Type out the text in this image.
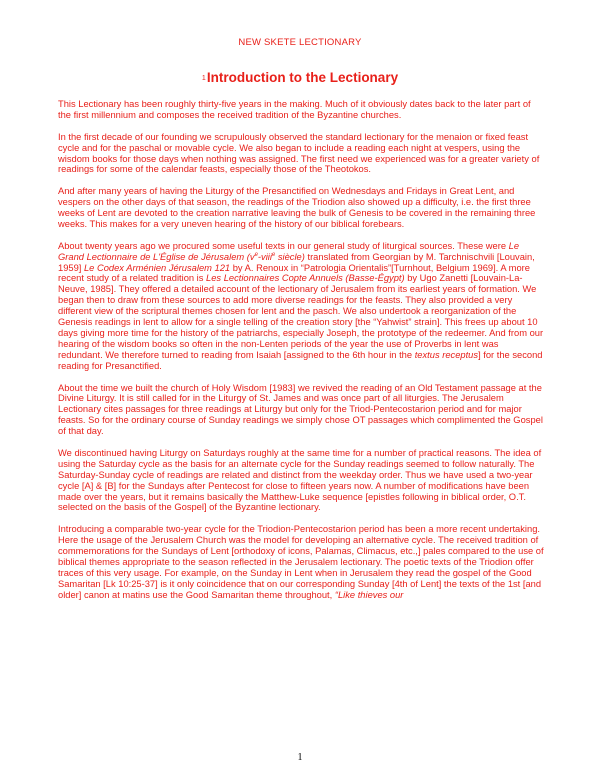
NEW SKETE LECTIONARY
$^1$Introduction to the Lectionary

This Lectionary has been roughly thirty-five years in the making. Much of it obviously dates back to the later part of the first millennium and composes the received tradition of the Byzantine churches.

In the first decade of our founding we scrupulously observed the standard lectionary for the menaion or fixed feast cycle and for the paschal or movable cycle. We also began to include a reading each night at vespers, using the wisdom books for those days when nothing was assigned. The first need we experienced was for a greater variety of readings for some of the calendar feasts, especially those of the Theotokos.

And after many years of having the Liturgy of the Presanctified on Wednesdays and Fridays in Great Lent, and vespers on the other days of that season, the readings of the Triodion also showed up a difficulty, i.e. the first three weeks of Lent are devoted to the creation narrative leaving the bulk of Genesis to be covered in the remaining three weeks. This makes for a very uneven hearing of the history of our biblical forebears.

About twenty years ago we procured some useful texts in our general study of liturgical sources. These were Le Grand Lectionnaire de L'Église de Jérusalem ($v^e-viii^e$ siècle) translated from Georgian by M. Tarchnischvili [Louvain, 1959] Le Codex Arménien Jérusalem 121 by A. Renoux in “Patrologia Orientalis”[Turnhout, Belgium 1969]. A more recent study of a related tradition is Les Lectionnaires Copte Annuels (Basse-Égypt) by Ugo Zanetti [Louvain-La-Neuve, 1985]. They offered a detailed account of the lectionary of Jerusalem from its earliest years of formation. We began then to draw from these sources to add more diverse readings for the feasts. They also provided a very different view of the scriptural themes chosen for lent and the pasch. We also undertook a reorganization of the Genesis readings in lent to allow for a single telling of the creation story [the “Yahwist” strain]. This frees up about 10 days giving more time for the history of the patriarchs, especially Joseph, the prototype of the redeemer. And from our hearing of the wisdom books so often in the non-Lenten periods of the year the use of Proverbs in lent was redundant. We therefore turned to reading from Isaiah [assigned to the 6th hour in the textus receptus] for the second reading for Presanctified.

About the time we built the church of Holy Wisdom [1983] we revived the reading of an Old Testament passage at the Divine Liturgy. It is still called for in the Liturgy of St. James and was once part of all liturgies. The Jerusalem Lectionary cites passages for three readings at Liturgy but only for the Triod-Pentecostarion period and for major feasts. So for the ordinary course of Sunday readings we simply chose OT passages which complimented the Gospel of that day.

We discontinued having Liturgy on Saturdays roughly at the same time for a number of practical reasons. The idea of using the Saturday cycle as the basis for an alternate cycle for the Sunday readings seemed to follow naturally. The Saturday-Sunday cycle of readings are related and distinct from the weekday order. Thus we have used a two-year cycle [A] & [B] for the Sundays after Pentecost for close to fifteen years now. A number of modifications have been made over the years, but it remains basically the Matthew-Luke sequence [epistles following in biblical order, O.T. selected on the basis of the Gospel] of the Byzantine lectionary.

Introducing a comparable two-year cycle for the Triodion-Pentecostarion period has been a more recent undertaking. Here the usage of the Jerusalem Church was the model for developing an alternative cycle. The received tradition of commemorations for the Sundays of Lent [orthodoxy of icons, Palamas, Climacus, etc.,] pales compared to the use of biblical themes appropriate to the season reflected in the Jerusalem lectionary. The poetic texts of the Triodion offer traces of this very usage. For example, on the Sunday in Lent when in Jerusalem they read the gospel of the Good Samaritan [Lk 10:25-37] is it only coincidence that on our corresponding Sunday [4th of Lent] the texts of the 1st [and older] canon at matins use the Good Samaritan theme throughout, “Like thieves our

1
